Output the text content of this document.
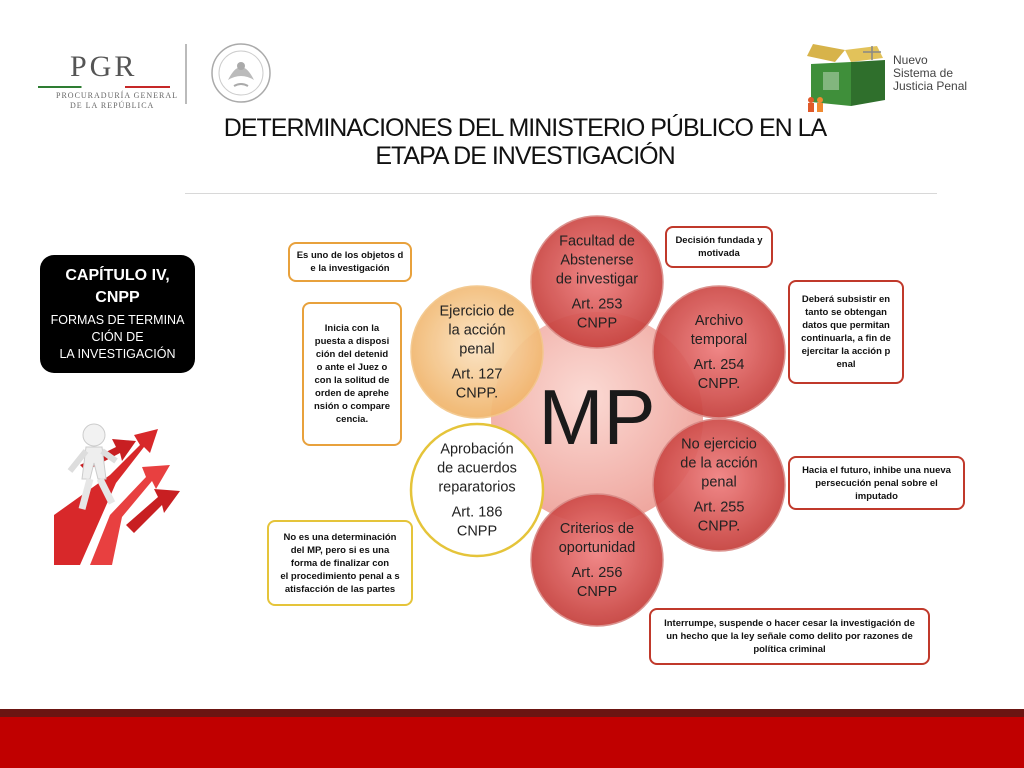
PGR
PROCURADURÍA GENERAL
DE LA REPÚBLICA
Nuevo
Sistema de
Justicia Penal
DETERMINACIONES DEL MINISTERIO PÚBLICO EN LA
ETAPA DE INVESTIGACIÓN
CAPÍTULO IV,
CNPP
FORMAS DE TERMINA
CIÓN DE
LA INVESTIGACIÓN
MP
Facultad de
Abstenerse
de investigar
Art. 253
CNPP	Archivo
temporal
Art. 254
CNPP.
No ejercicio
de la acción
penal
Art. 255
CNPP.
Criterios de
oportunidad
Art. 256
CNPP
Aprobación
de acuerdos
reparatorios
Art. 186
CNPP
Ejercicio de
la acción
penal
Art. 127
CNPP.
Decisión fundada y
motivada
Es uno de los objetos d
e la investigación
Inicia con la
puesta a disposi
ción del detenid
o ante el Juez o
con la solitud de
orden de aprehe
nsión o compare
cencia.
Deberá subsistir en
tanto se obtengan
datos que permitan
continuarla, a fin de
ejercitar la acción p
enal
Hacia el futuro, inhibe una nueva
persecución penal sobre el
imputado
No es una determinación
del MP, pero si es una
forma de finalizar con
el procedimiento penal a s
atisfacción de las partes
Interrumpe, suspende o hacer cesar la investigación de
un hecho que la ley señale como delito por razones de
política criminal
